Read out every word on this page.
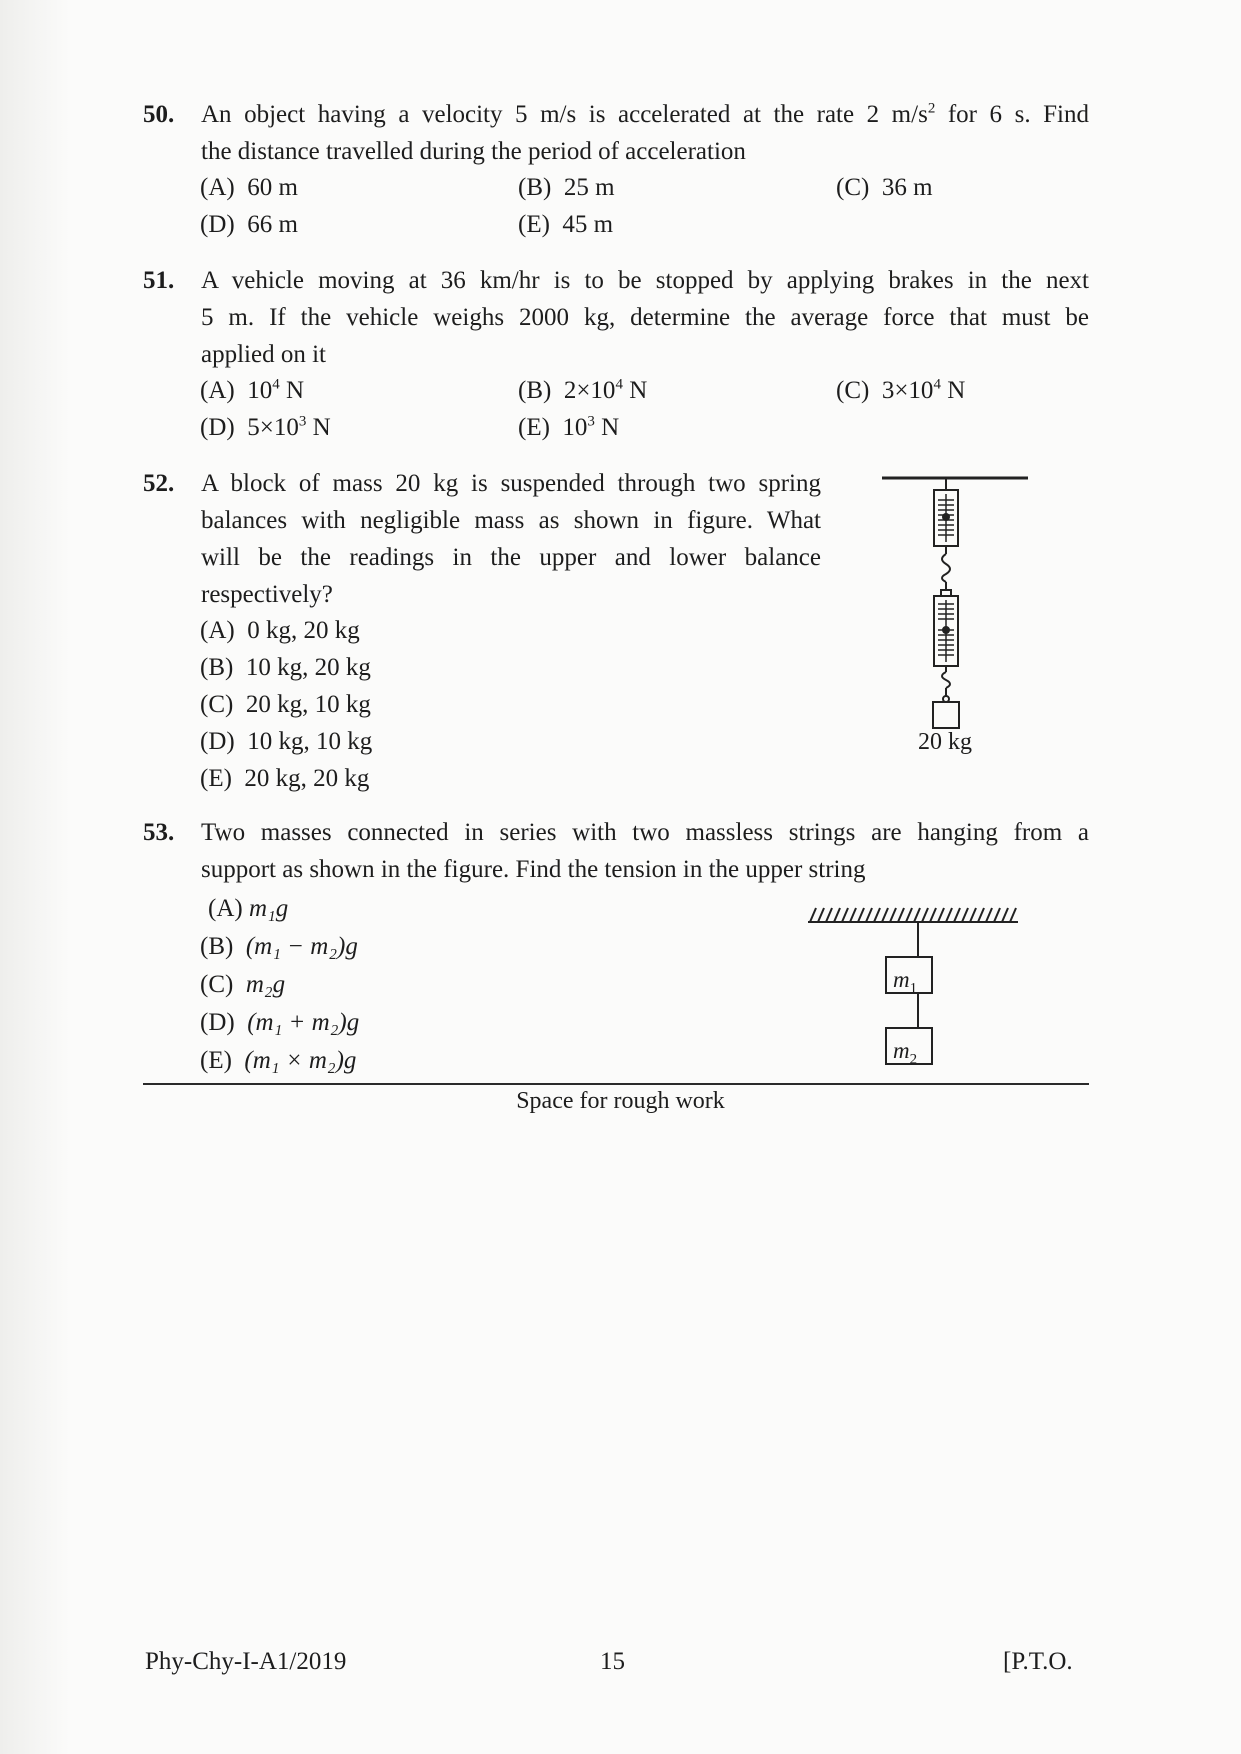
50. An object having a velocity 5 m/s is accelerated at the rate 2 $m/s^2$ for 6 s. Find
the distance travelled during the period of acceleration
(A) 60 m	(B) 25 m	(C) 36 m
(D) 66 m	(E) 45 m
51. A vehicle moving at 36 km/hr is to be stopped by applying brakes in the next
5 m. If the vehicle weighs 2000 kg, determine the average force that must be
applied on it
(A) $10^4$ N	(B) $2\times 10^4$ N	(C) $3\times 10^4$ N
(D) $5\times 10^3$ N	(E) $10^3$ N
52. A block of mass 20 kg is suspended through two spring
balances with negligible mass as shown in figure. What
will be the readings in the upper and lower balance
respectively?
(A) 0 kg, 20 kg
(B) 10 kg, 20 kg
(C) 20 kg, 10 kg
(D) 10 kg, 10 kg
(E) 20 kg, 20 kg
20 kg
53. Two masses connected in series with two massless strings are hanging from a
support as shown in the figure. Find the tension in the upper string
(A) m₁g
(B) (m₁ − m₂)g
(C) m₂g
(D) (m₁ + m₂)g
(E) (m₁ × m₂)g
$m_1$
$m_2$
Space for rough work
Phy-Chy-I-A1/2019	15	[P.T.O.
